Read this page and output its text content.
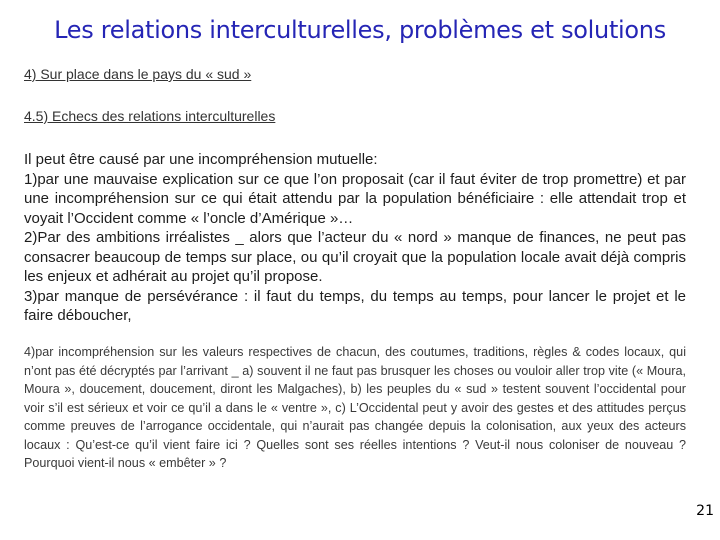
Les relations interculturelles, problèmes et solutions
4) Sur place dans le pays du « sud »
4.5) Echecs des relations interculturelles

Il peut être causé par une incompréhension mutuelle:

1)par une mauvaise explication sur ce que l’on proposait (car il faut éviter de trop promettre) et par une incompréhension sur ce qui était attendu par la population bénéficiaire : elle attendait trop et voyait l’Occident comme « l’oncle d’Amérique »…

2)Par des ambitions irréalistes _ alors que l’acteur du « nord » manque de finances, ne peut pas consacrer beaucoup de temps sur place, ou qu’il croyait que la population locale avait déjà compris les enjeux et adhérait au projet qu’il propose.

3)par manque de persévérance : il faut du temps, du temps au temps, pour lancer le projet et le faire déboucher,

4)par incompréhension sur les valeurs respectives de chacun, des coutumes, traditions, règles & codes locaux, qui n’ont pas été décryptés par l’arrivant _ a) souvent il ne faut pas brusquer les choses ou vouloir aller trop vite (« Moura, Moura », doucement, doucement, diront les Malgaches), b) les peuples du « sud » testent souvent l’occidental pour voir s’il est sérieux et voir ce qu’il a dans le « ventre », c) L’Occidental peut y avoir des gestes et des attitudes perçus comme preuves de l’arrogance occidentale, qui n’aurait pas changée depuis la colonisation, aux yeux des acteurs locaux : Qu’est-ce qu’il vient faire ici ? Quelles sont ses réelles intentions ? Veut-il nous coloniser de nouveau ? Pourquoi vient-il nous « embêter » ?
21
